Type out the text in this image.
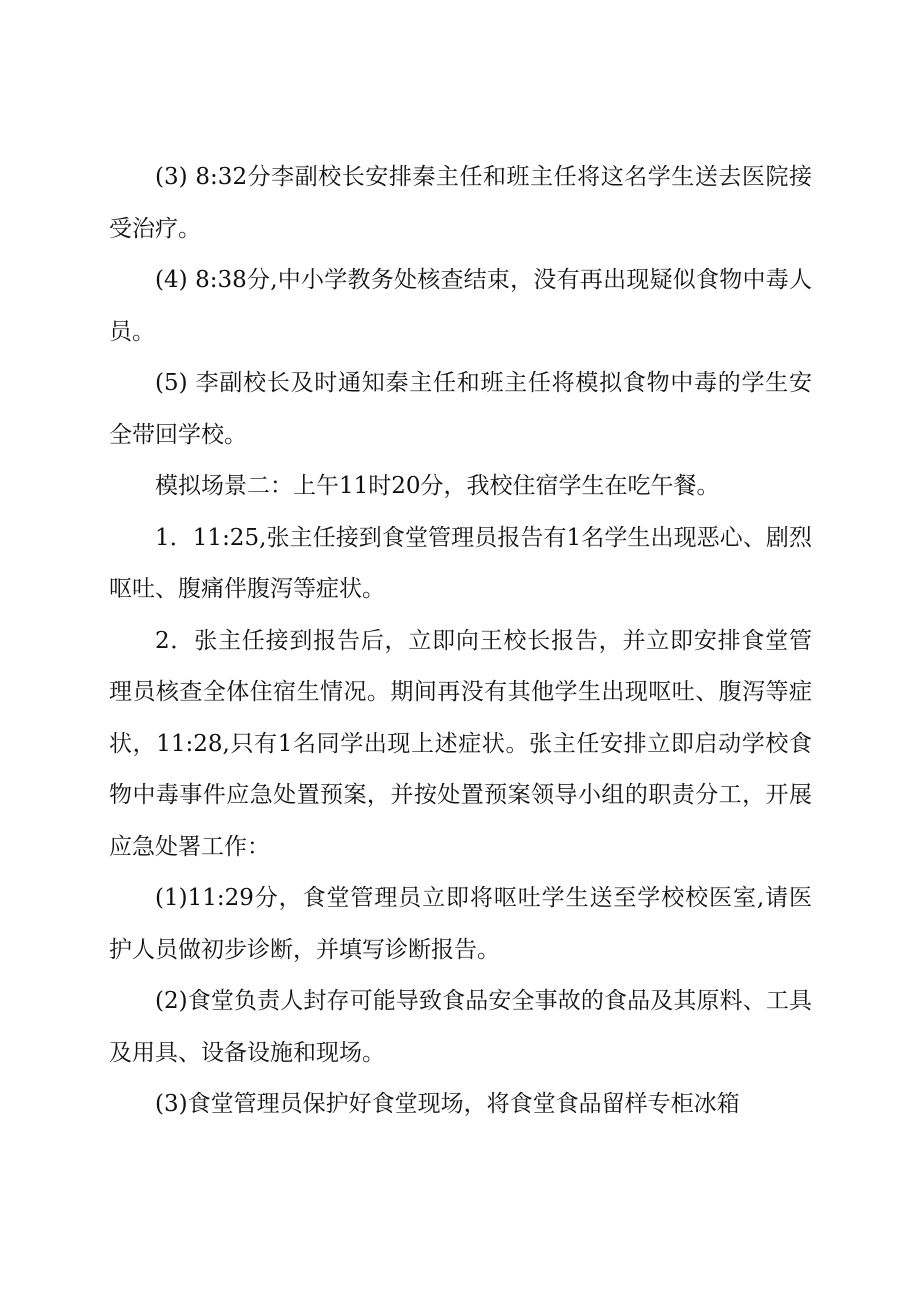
(3) 8:32分李副校长安排秦主任和班主任将这名学生送去医院接受治疗。

(4) 8:38分,中小学教务处核查结束，没有再出现疑似食物中毒人员。

(5) 李副校长及时通知秦主任和班主任将模拟食物中毒的学生安全带回学校。

模拟场景二：上午11时20分，我校住宿学生在吃午餐。

1．11:25,张主任接到食堂管理员报告有1名学生出现恶心、剧烈呕吐、腹痛伴腹泻等症状。

2．张主任接到报告后，立即向王校长报告，并立即安排食堂管理员核查全体住宿生情况。期间再没有其他学生出现呕吐、腹泻等症状，11:28,只有1名同学出现上述症状。张主任安排立即启动学校食物中毒事件应急处置预案，并按处置预案领导小组的职责分工，开展应急处署工作：

(1)11:29分，食堂管理员立即将呕吐学生送至学校校医室,请医护人员做初步诊断，并填写诊断报告。

(2)食堂负责人封存可能导致食品安全事故的食品及其原料、工具及用具、设备设施和现场。

(3)食堂管理员保护好食堂现场，将食堂食品留样专柜冰箱
